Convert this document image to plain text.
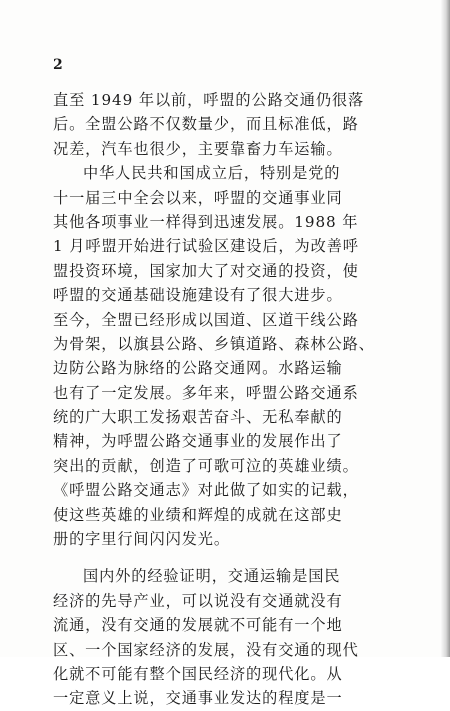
2
直至 1949 年以前，呼盟的公路交通仍很落
后。全盟公路不仅数量少，而且标准低，路
况差，汽车也很少，主要靠畜力车运输。
中华人民共和国成立后，特别是党的
十一届三中全会以来，呼盟的交通事业同
其他各项事业一样得到迅速发展。1988 年
1 月呼盟开始进行试验区建设后，为改善呼
盟投资环境，国家加大了对交通的投资，使
呼盟的交通基础设施建设有了很大进步。
至今，全盟已经形成以国道、区道干线公路
为骨架，以旗县公路、乡镇道路、森林公路、
边防公路为脉络的公路交通网。水路运输
也有了一定发展。多年来，呼盟公路交通系
统的广大职工发扬艰苦奋斗、无私奉献的
精神，为呼盟公路交通事业的发展作出了
突出的贡献，创造了可歌可泣的英雄业绩。
《呼盟公路交通志》对此做了如实的记载，
使这些英雄的业绩和辉煌的成就在这部史
册的字里行间闪闪发光。
国内外的经验证明，交通运输是国民
经济的先导产业，可以说没有交通就没有
流通，没有交通的发展就不可能有一个地
区、一个国家经济的发展，没有交通的现代
化就不可能有整个国民经济的现代化。从
一定意义上说，交通事业发达的程度是一
